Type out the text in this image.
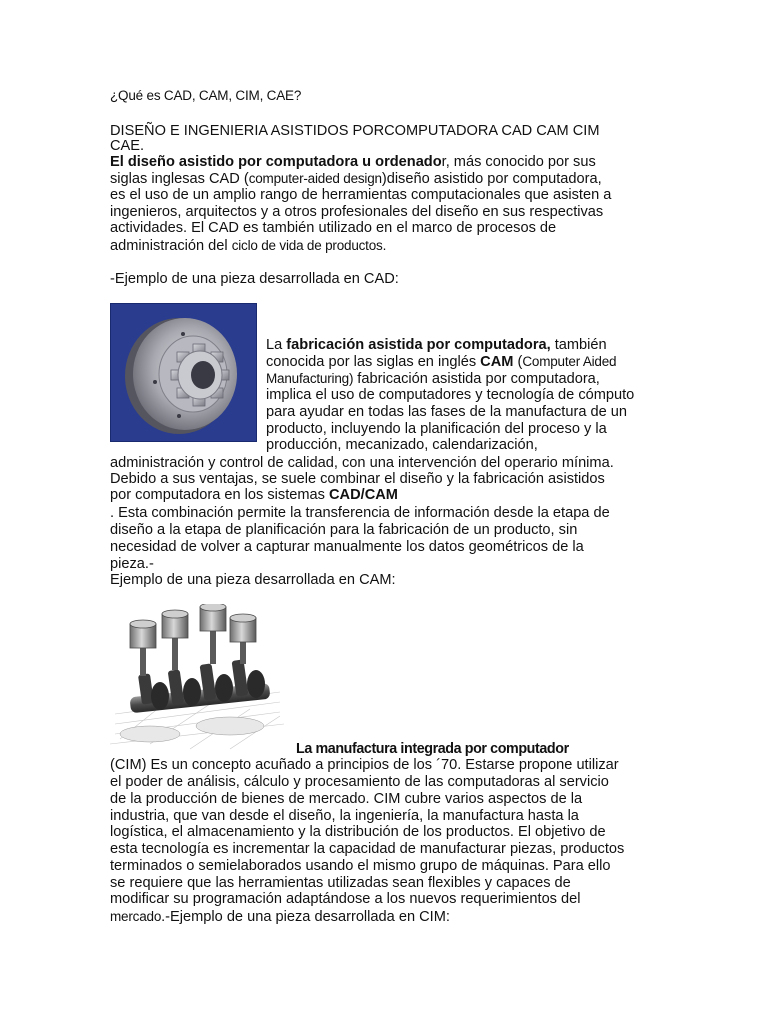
¿Qué es CAD, CAM, CIM, CAE?
DISEÑO E INGENIERIA ASISTIDOS PORCOMPUTADORA CAD CAM CIM
CAE.
El diseño asistido por computadora u ordenador, más conocido por sus
siglas inglesas CAD (computer-aided design)diseño asistido por computadora,
es el uso de un amplio rango de herramientas computacionales que asisten a
ingenieros, arquitectos y a otros profesionales del diseño en sus respectivas
actividades. El CAD es también utilizado en el marco de procesos de
administración del ciclo de vida de productos.
-Ejemplo de una pieza desarrollada en CAD:
La fabricación asistida por computadora, también
conocida por las siglas en inglés CAM (Computer Aided
Manufacturing) fabricación asistida por computadora,
implica el uso de computadores y tecnología de cómputo
para ayudar en todas las fases de la manufactura de un
producto, incluyendo la planificación del proceso y la
producción, mecanizado, calendarización,
administración y control de calidad, con una intervención del operario mínima.
Debido a sus ventajas, se suele combinar el diseño y la fabricación asistidos
por computadora en los sistemas CAD/CAM
. Esta combinación permite la transferencia de información desde la etapa de
diseño a la etapa de planificación para la fabricación de un producto, sin
necesidad de volver a capturar manualmente los datos geométricos de la
pieza.-
Ejemplo de una pieza desarrollada en CAM:
La manufactura integrada por computador
(CIM) Es un concepto acuñado a principios de los ´70. Estarse propone utilizar
el poder de análisis, cálculo y procesamiento de las computadoras al servicio
de la producción de bienes de mercado. CIM cubre varios aspectos de la
industria, que van desde el diseño, la ingeniería, la manufactura hasta la
logística, el almacenamiento y la distribución de los productos. El objetivo de
esta tecnología es incrementar la capacidad de manufacturar piezas, productos
terminados o semielaborados usando el mismo grupo de máquinas. Para ello
se requiere que las herramientas utilizadas sean flexibles y capaces de
modificar su programación adaptándose a los nuevos requerimientos del
mercado.-Ejemplo de una pieza desarrollada en CIM:
